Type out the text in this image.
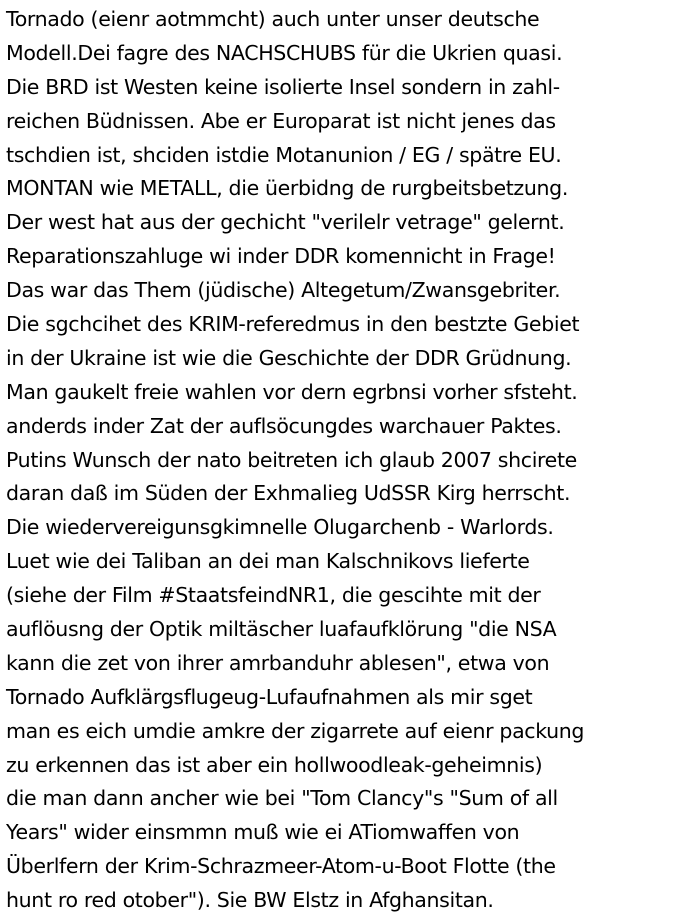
Tornado (eienr aotmmcht) auch unter unser deutsche
Modell.Dei fagre des NACHSCHUBS für die Ukrien quasi.
Die BRD ist Westen keine isolierte Insel sondern in zahl-
reichen Büdnissen. Abe er Europarat ist nicht jenes das
tschdien ist, shciden istdie Motanunion / EG / spätre EU.
MONTAN wie METALL, die üerbidng de rurgbeitsbetzung.
Der west hat aus der gechicht "verilelr vetrage" gelernt.
Reparationszahluge wi inder DDR komennicht in Frage!
Das war das Them (jüdische) Altegetum/Zwansgebriter.
Die sgchcihet des KRIM-referedmus in den bestzte Gebiet
in der Ukraine ist wie die Geschichte der DDR Grüdnung.
Man gaukelt freie wahlen vor dern egrbnsi vorher sfsteht.
anderds inder Zat der auflsöcungdes warchauer Paktes.
Putins Wunsch der nato beitreten ich glaub 2007 shcirete
daran daß im Süden der Exhmalieg UdSSR Kirg herrscht.
Die wiedervereigunsgkimnelle Olugarchenb - Warlords.
Luet wie dei Taliban an dei man Kalschnikovs lieferte
(siehe der Film #StaatsfeindNR1, die gescihte mit der
auflöusng der Optik miltäscher luafaufklörung "die NSA
kann die zet von ihrer amrbanduhr ablesen", etwa von
Tornado Aufklärgsflugeug-Lufaufnahmen als mir sget
man es eich umdie amkre der zigarrete auf eienr packung
zu erkennen das ist aber ein hollwoodleak-geheimnis)
die man dann ancher wie bei "Tom Clancy"s "Sum of all
Years" wider einsmmn muß wie ei ATiomwaffen von
Überlfern der Krim-Schrazmeer-Atom-u-Boot Flotte (the
hunt ro red otober"). Sie BW Elstz in Afghansitan.
